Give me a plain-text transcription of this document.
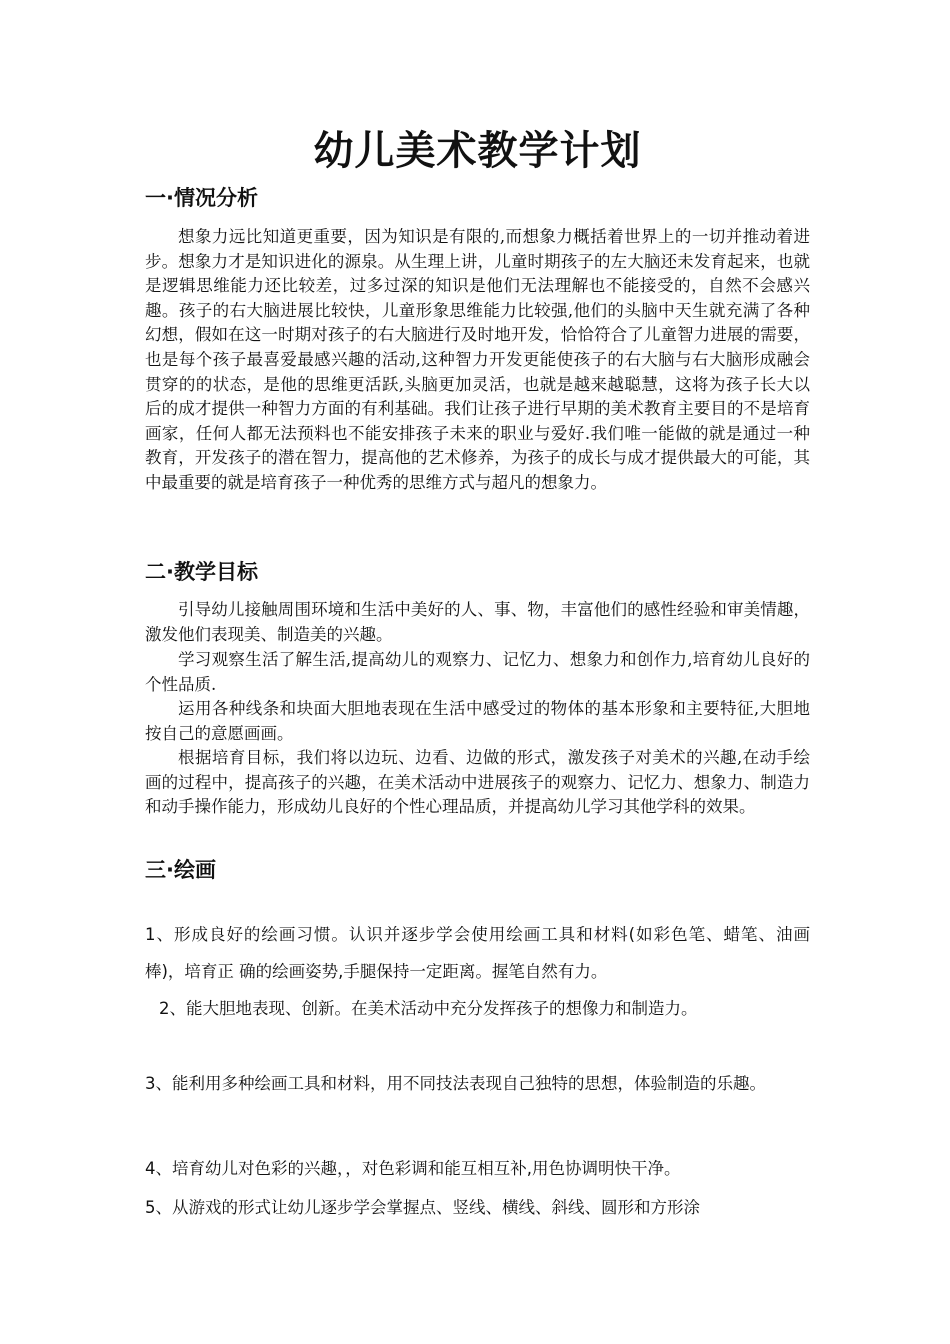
幼儿美术教学计划
一·情况分析

想象力远比知道更重要，因为知识是有限的,而想象力概括着世界上的一切并推动着进步。想象力才是知识进化的源泉。从生理上讲，儿童时期孩子的左大脑还未发育起来，也就是逻辑思维能力还比较差，过多过深的知识是他们无法理解也不能接受的，自然不会感兴趣。孩子的右大脑进展比较快，儿童形象思维能力比较强,他们的头脑中天生就充满了各种幻想，假如在这一时期对孩子的右大脑进行及时地开发，恰恰符合了儿童智力进展的需要，也是每个孩子最喜爱最感兴趣的活动,这种智力开发更能使孩子的右大脑与右大脑形成融会贯穿的的状态，是他的思维更活跃,头脑更加灵活，也就是越来越聪慧，这将为孩子长大以后的成才提供一种智力方面的有利基础。我们让孩子进行早期的美术教育主要目的不是培育画家，任何人都无法预料也不能安排孩子未来的职业与爱好.我们唯一能做的就是通过一种教育，开发孩子的潜在智力，提高他的艺术修养，为孩子的成长与成才提供最大的可能，其中最重要的就是培育孩子一种优秀的思维方式与超凡的想象力。

二·教学目标

引导幼儿接触周围环境和生活中美好的人、事、物，丰富他们的感性经验和审美情趣，激发他们表现美、制造美的兴趣。

学习观察生活了解生活,提高幼儿的观察力、记忆力、想象力和创作力,培育幼儿良好的个性品质.

运用各种线条和块面大胆地表现在生活中感受过的物体的基本形象和主要特征,大胆地按自己的意愿画画。

根据培育目标，我们将以边玩、边看、边做的形式，激发孩子对美术的兴趣,在动手绘画的过程中，提高孩子的兴趣，在美术活动中进展孩子的观察力、记忆力、想象力、制造力和动手操作能力，形成幼儿良好的个性心理品质，并提高幼儿学习其他学科的效果。

三·绘画

1、形成良好的绘画习惯。认识并逐步学会使用绘画工具和材料(如彩色笔、蜡笔、油画棒)，培育正 确的绘画姿势,手腿保持一定距离。握笔自然有力。

2、能大胆地表现、创新。在美术活动中充分发挥孩子的想像力和制造力。

3、能利用多种绘画工具和材料，用不同技法表现自己独特的思想，体验制造的乐趣。

4、培育幼儿对色彩的兴趣，，对色彩调和能互相互补,用色协调明快干净。

5、从游戏的形式让幼儿逐步学会掌握点、竖线、横线、斜线、圆形和方形涂
